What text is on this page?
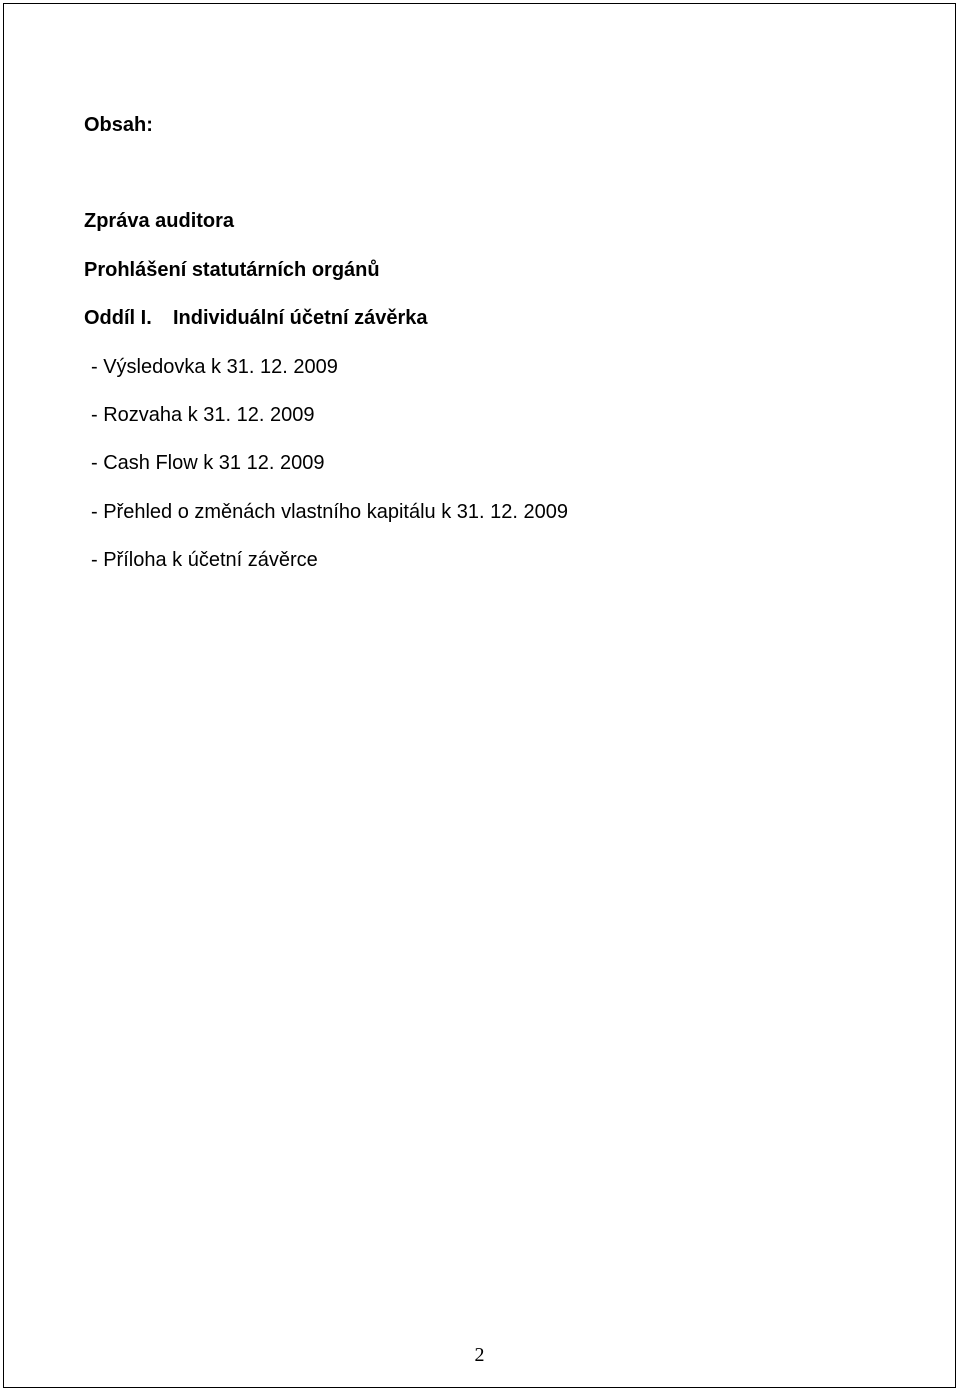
Obsah:

Zpráva auditora

Prohlášení statutárních orgánů

Oddíl I. Individuální účetní závěrka

- Výsledovka k 31. 12. 2009

- Rozvaha k 31. 12. 2009

- Cash Flow k 31 12. 2009

- Přehled o změnách vlastního kapitálu k 31. 12. 2009

- Příloha k účetní závěrce

2
